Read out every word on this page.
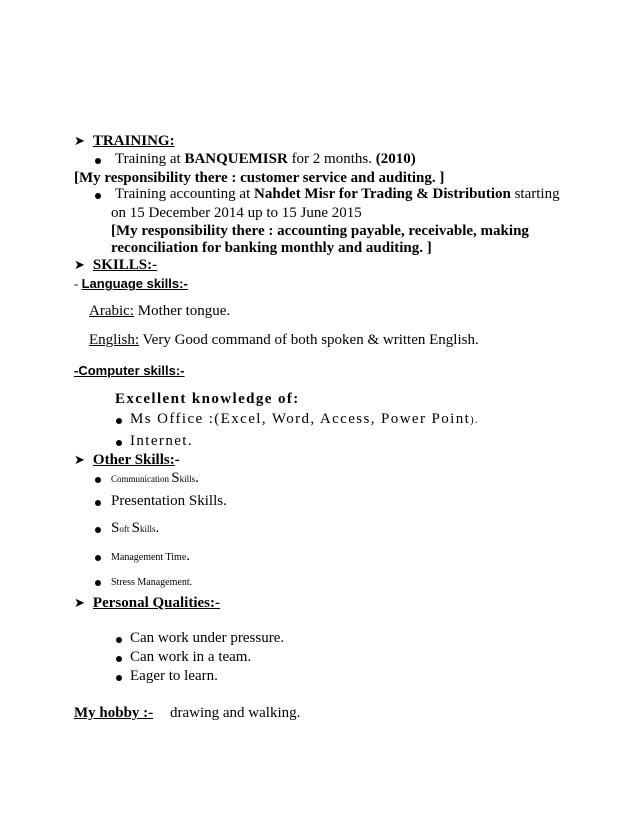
➤ TRAINING:
Training at BANQUEMISR for 2 months. (2010)
[My responsibility there : customer service and auditing. ]
Training accounting at Nahdet Misr for Trading & Distribution starting
on 15 December 2014 up to 15 June 2015
[My responsibility there : accounting payable, receivable, making
reconciliation for banking monthly and auditing. ]
➤ SKILLS:-
- Language skills:-
Arabic: Mother tongue.
English: Very Good command of both spoken & written English.
-Computer skills:-
Excellent knowledge of:
Ms Office :(Excel, Word, Access, Power Point).
Internet.
➤ Other Skills:-
Communication Skills.
Presentation Skills.
Soft Skills.
Management Time.
Stress Management.
➤ Personal Qualities:-
Can work under pressure.
Can work in a team.
Eager to learn.
My hobby :- drawing and walking.
